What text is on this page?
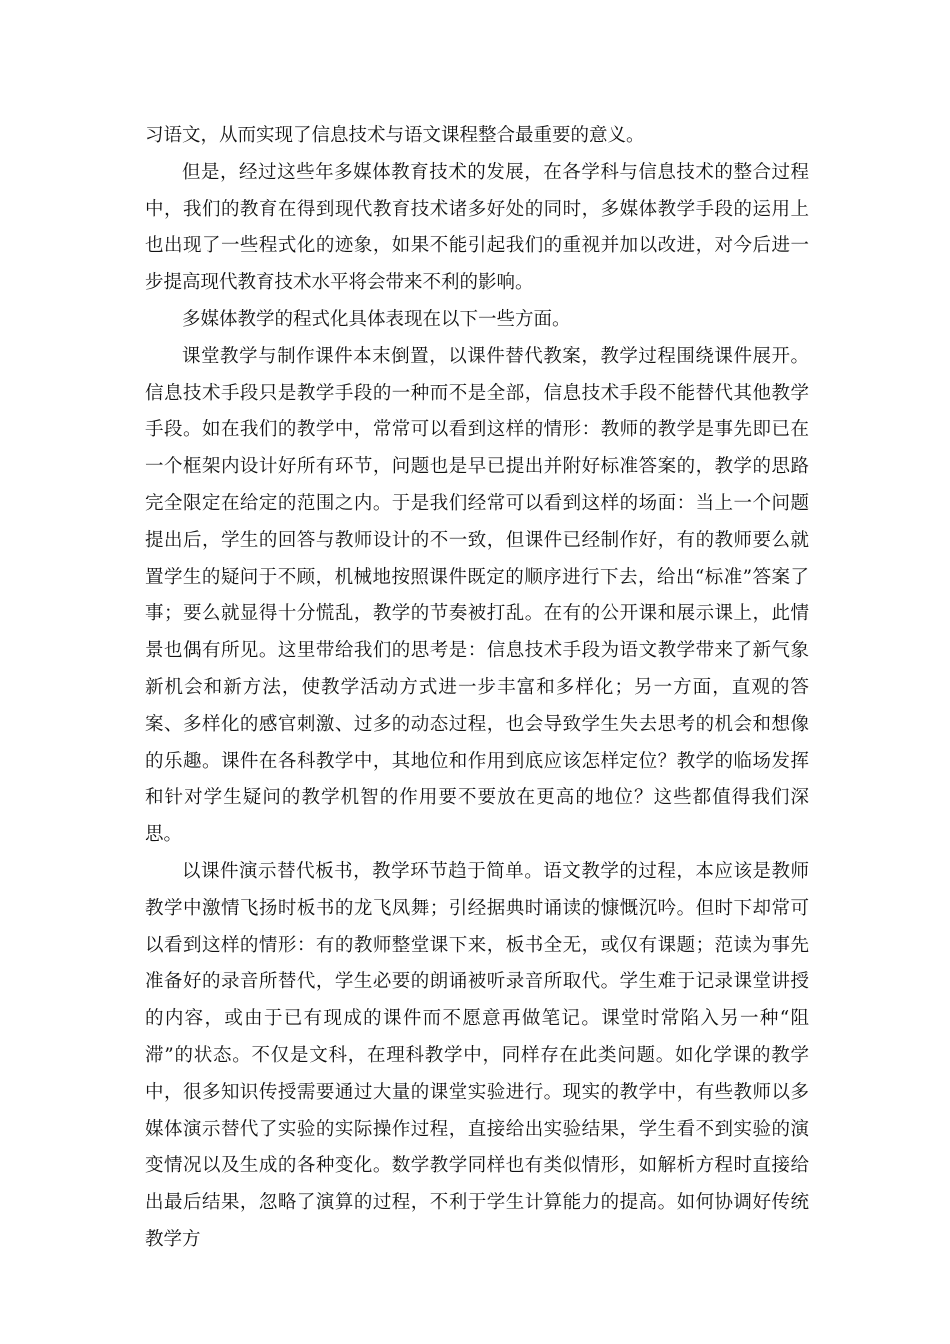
习语文，从而实现了信息技术与语文课程整合最重要的意义。

但是，经过这些年多媒体教育技术的发展，在各学科与信息技术的整合过程中，我们的教育在得到现代教育技术诸多好处的同时，多媒体教学手段的运用上也出现了一些程式化的迹象，如果不能引起我们的重视并加以改进，对今后进一步提高现代教育技术水平将会带来不利的影响。

多媒体教学的程式化具体表现在以下一些方面。

课堂教学与制作课件本末倒置，以课件替代教案，教学过程围绕课件展开。信息技术手段只是教学手段的一种而不是全部，信息技术手段不能替代其他教学手段。如在我们的教学中，常常可以看到这样的情形：教师的教学是事先即已在一个框架内设计好所有环节，问题也是早已提出并附好标准答案的，教学的思路完全限定在给定的范围之内。于是我们经常可以看到这样的场面：当上一个问题提出后，学生的回答与教师设计的不一致，但课件已经制作好，有的教师要么就置学生的疑问于不顾，机械地按照课件既定的顺序进行下去，给出“标准”答案了事；要么就显得十分慌乱，教学的节奏被打乱。在有的公开课和展示课上，此情景也偶有所见。这里带给我们的思考是：信息技术手段为语文教学带来了新气象新机会和新方法，使教学活动方式进一步丰富和多样化；另一方面，直观的答案、多样化的感官刺激、过多的动态过程，也会导致学生失去思考的机会和想像的乐趣。课件在各科教学中，其地位和作用到底应该怎样定位？教学的临场发挥和针对学生疑问的教学机智的作用要不要放在更高的地位？这些都值得我们深思。

以课件演示替代板书，教学环节趋于简单。语文教学的过程，本应该是教师教学中激情飞扬时板书的龙飞凤舞；引经据典时诵读的慷慨沉吟。但时下却常可以看到这样的情形：有的教师整堂课下来，板书全无，或仅有课题；范读为事先准备好的录音所替代，学生必要的朗诵被听录音所取代。学生难于记录课堂讲授的内容，或由于已有现成的课件而不愿意再做笔记。课堂时常陷入另一种“阻滞”的状态。不仅是文科，在理科教学中，同样存在此类问题。如化学课的教学中，很多知识传授需要通过大量的课堂实验进行。现实的教学中，有些教师以多媒体演示替代了实验的实际操作过程，直接给出实验结果，学生看不到实验的演变情况以及生成的各种变化。数学教学同样也有类似情形，如解析方程时直接给出最后结果，忽略了演算的过程，不利于学生计算能力的提高。如何协调好传统教学方
